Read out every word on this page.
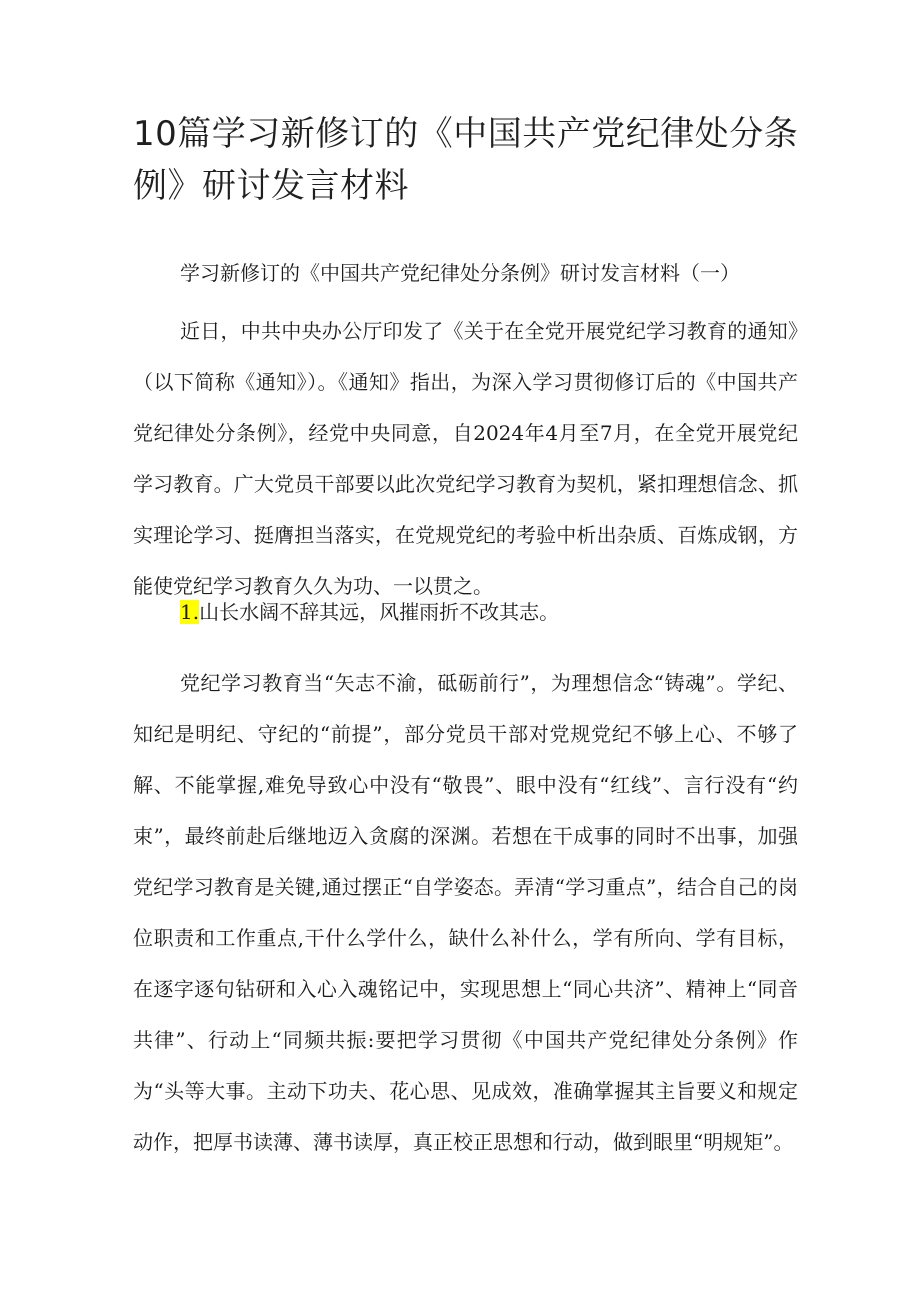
10篇学习新修订的《中国共产党纪律处分条例》研讨发言材料

学习新修订的《中国共产党纪律处分条例》研讨发言材料（一）

近日，中共中央办公厅印发了《关于在全党开展党纪学习教育的通知》（以下简称《通知》）。《通知》指出，为深入学习贯彻修订后的《中国共产党纪律处分条例》，经党中央同意，自2024年4月至7月，在全党开展党纪学习教育。广大党员干部要以此次党纪学习教育为契机，紧扣理想信念、抓实理论学习、挺膺担当落实，在党规党纪的考验中析出杂质、百炼成钢，方能使党纪学习教育久久为功、一以贯之。

1.山长水阔不辞其远，风摧雨折不改其志。

党纪学习教育当“矢志不渝，砥砺前行”，为理想信念“铸魂”。学纪、知纪是明纪、守纪的“前提”，部分党员干部对党规党纪不够上心、不够了解、不能掌握,难免导致心中没有“敬畏”、眼中没有“红线”、言行没有“约束”，最终前赴后继地迈入贪腐的深渊。若想在干成事的同时不出事，加强党纪学习教育是关键,通过摆正“自学姿态。弄清“学习重点”，结合自己的岗位职责和工作重点,干什么学什么，缺什么补什么，学有所向、学有目标，在逐字逐句钻研和入心入魂铭记中，实现思想上“同心共济”、精神上“同音共律”、行动上“同频共振:要把学习贯彻《中国共产党纪律处分条例》作为“头等大事。主动下功夫、花心思、见成效，准确掌握其主旨要义和规定动作，把厚书读薄、薄书读厚，真正校正思想和行动，做到眼里“明规矩”。
